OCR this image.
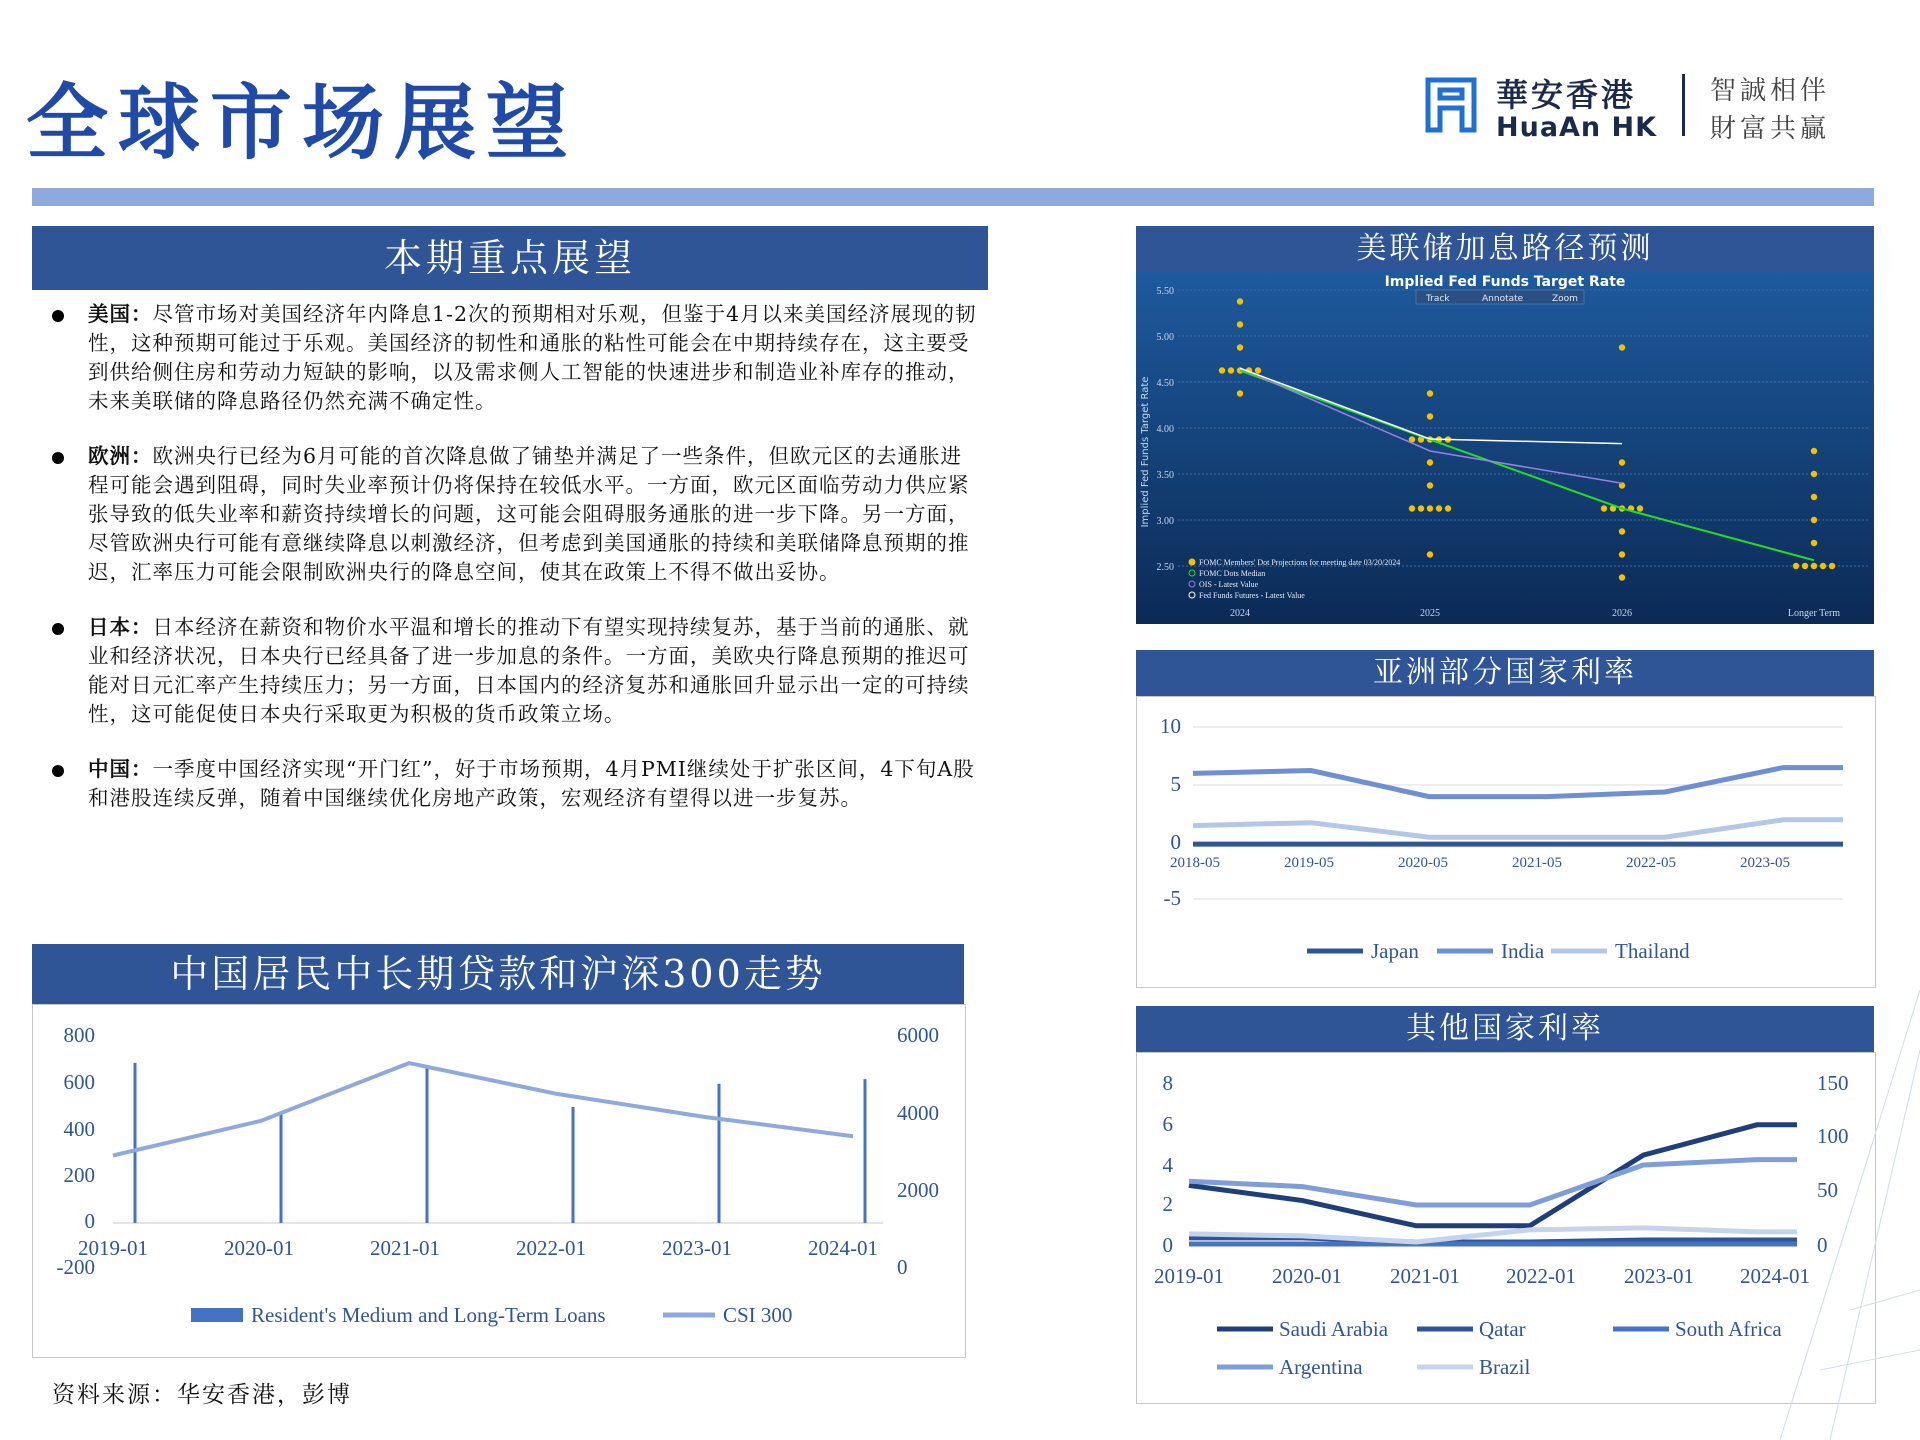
全球市场展望	華安香港
HuaAn HK
智誠相伴
財富共贏
本期重点展望
美国：尽管市场对美国经济年内降息1-2次的预期相对乐观，但鉴于4月以来美国经济展现的韧性，这种预期可能过于乐观。美国经济的韧性和通胀的粘性可能会在中期持续存在，这主要受到供给侧住房和劳动力短缺的影响，以及需求侧人工智能的快速进步和制造业补库存的推动，未来美联储的降息路径仍然充满不确定性。
欧洲：欧洲央行已经为6月可能的首次降息做了铺垫并满足了一些条件，但欧元区的去通胀进程可能会遇到阻碍，同时失业率预计仍将保持在较低水平。一方面，欧元区面临劳动力供应紧张导致的低失业率和薪资持续增长的问题，这可能会阻碍服务通胀的进一步下降。另一方面，尽管欧洲央行可能有意继续降息以刺激经济，但考虑到美国通胀的持续和美联储降息预期的推迟，汇率压力可能会限制欧洲央行的降息空间，使其在政策上不得不做出妥协。
日本：日本经济在薪资和物价水平温和增长的推动下有望实现持续复苏，基于当前的通胀、就业和经济状况，日本央行已经具备了进一步加息的条件。一方面，美欧央行降息预期的推迟可能对日元汇率产生持续压力；另一方面，日本国内的经济复苏和通胀回升显示出一定的可持续性，这可能促使日本央行采取更为积极的货币政策立场。
中国：一季度中国经济实现“开门红”，好于市场预期，4月PMI继续处于扩张区间，4下旬A股和港股连续反弹，随着中国继续优化房地产政策，宏观经济有望得以进一步复苏。
中国居民中长期贷款和沪深300走势
800
600
400
200
0
-200
6000
4000
2000
0
2019-01	2020-01	2021-01	2022-01	2023-01	2024-01
Resident's Medium and Long-Term Loans	CSI 300
美联储加息路径预测
Implied Fed Funds Target Rate
Track	Annotate	Zoom
5.50
5.00
4.50
4.00
3.50
3.00
2.50
Implied Fed Funds Target Rate
2024	2025	2026	Longer Term
FOMC Members' Dot Projections for meeting date 03/20/2024
FOMC Dots Median
OIS - Latest Value
Fed Funds Futures - Latest Value
亚洲部分国家利率
10
5
0
-5
2018-05	2019-05	2020-05	2021-05	2022-05	2023-05
Japan	India	Thailand
其他国家利率
8
6
4
2
0
150
100
50
0
2019-01 2020-01 2021-01 2022-01 2023-01 2024-01
Saudi Arabia	Qatar	South Africa
Argentina	Brazil
资料来源：华安香港，彭博
